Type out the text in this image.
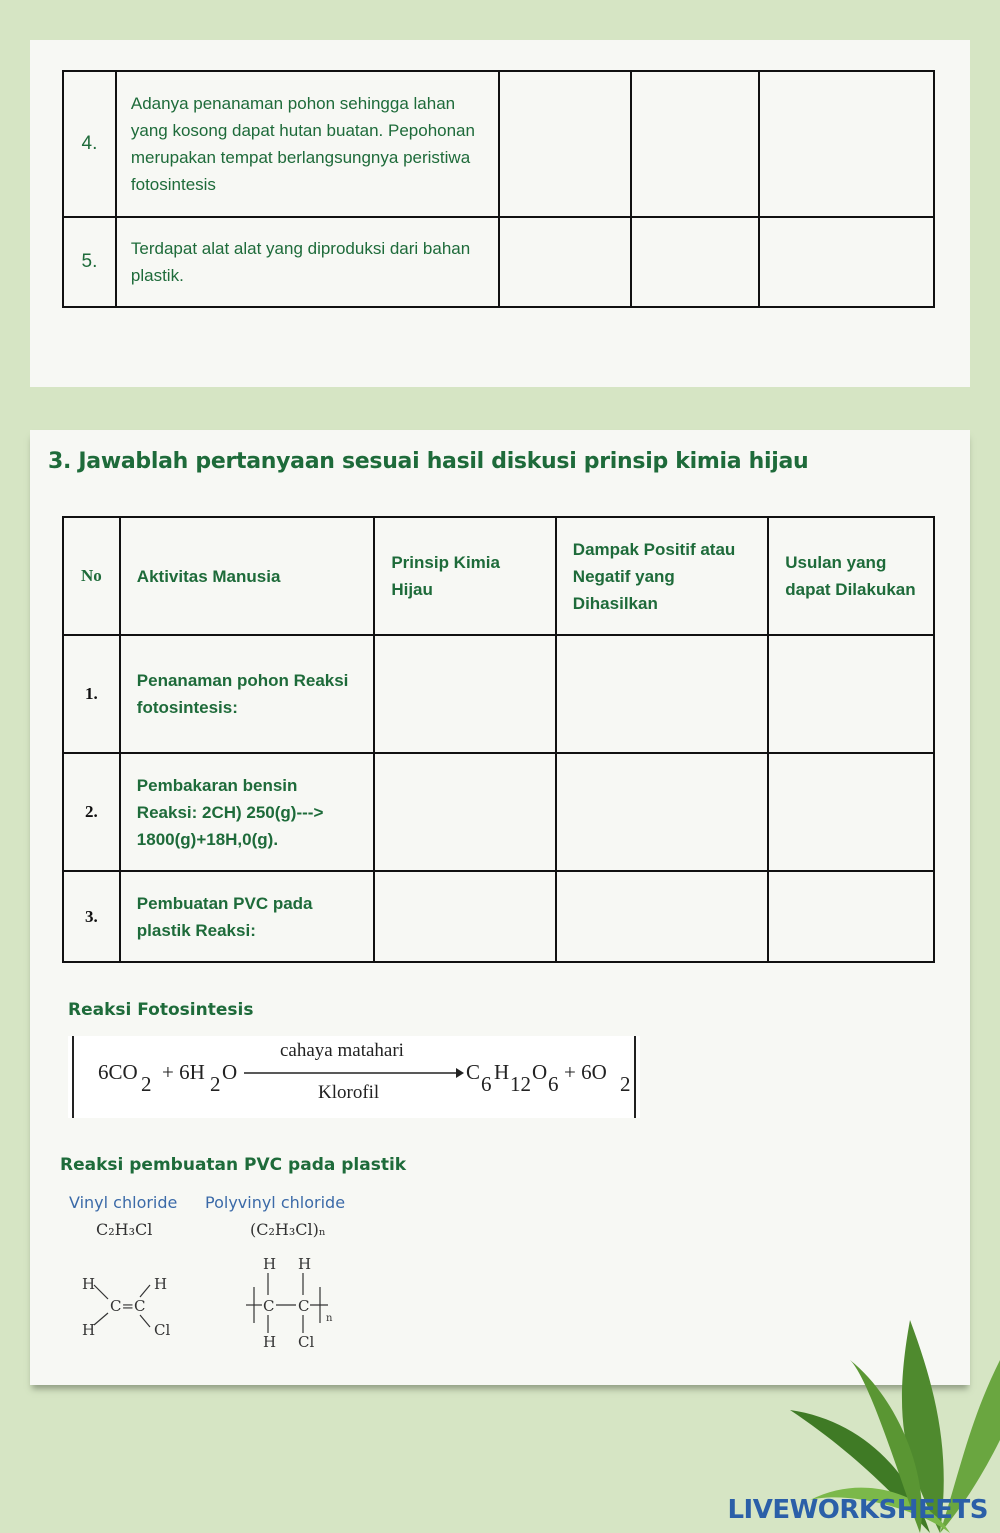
4.	Adanya penanaman pohon sehingga lahan yang kosong dapat hutan buatan. Pepohonan merupakan tempat berlangsungnya peristiwa fotosintesis			
5.	Terdapat alat alat yang diproduksi dari bahan plastik.			
3. Jawablah pertanyaan sesuai hasil diskusi prinsip kimia hijau
No	Aktivitas Manusia	Prinsip Kimia Hijau	Dampak Positif atau Negatif yang Dihasilkan	Usulan yang dapat Dilakukan
1.	Penanaman pohon Reaksi fotosintesis:			
2.	Pembakaran bensin Reaksi: 2CH) 250(g)---> 1800(g)+18H,0(g).			
3.	Pembuatan PVC pada plastik Reaksi:			
Reaksi Fotosintesis
6CO 2 + 6H 2 O
cahaya matahari
Klorofil
C 6 H 12 O 6 + 6O 2
Reaksi pembuatan PVC pada plastik
Vinyl chloride Polyvinyl chloride
C₂H₃Cl	(C₂H₃Cl)ₙ
H
H
C=C
H
Cl
H H
C C
H Cl
n
LIVEWORKSHEETS
